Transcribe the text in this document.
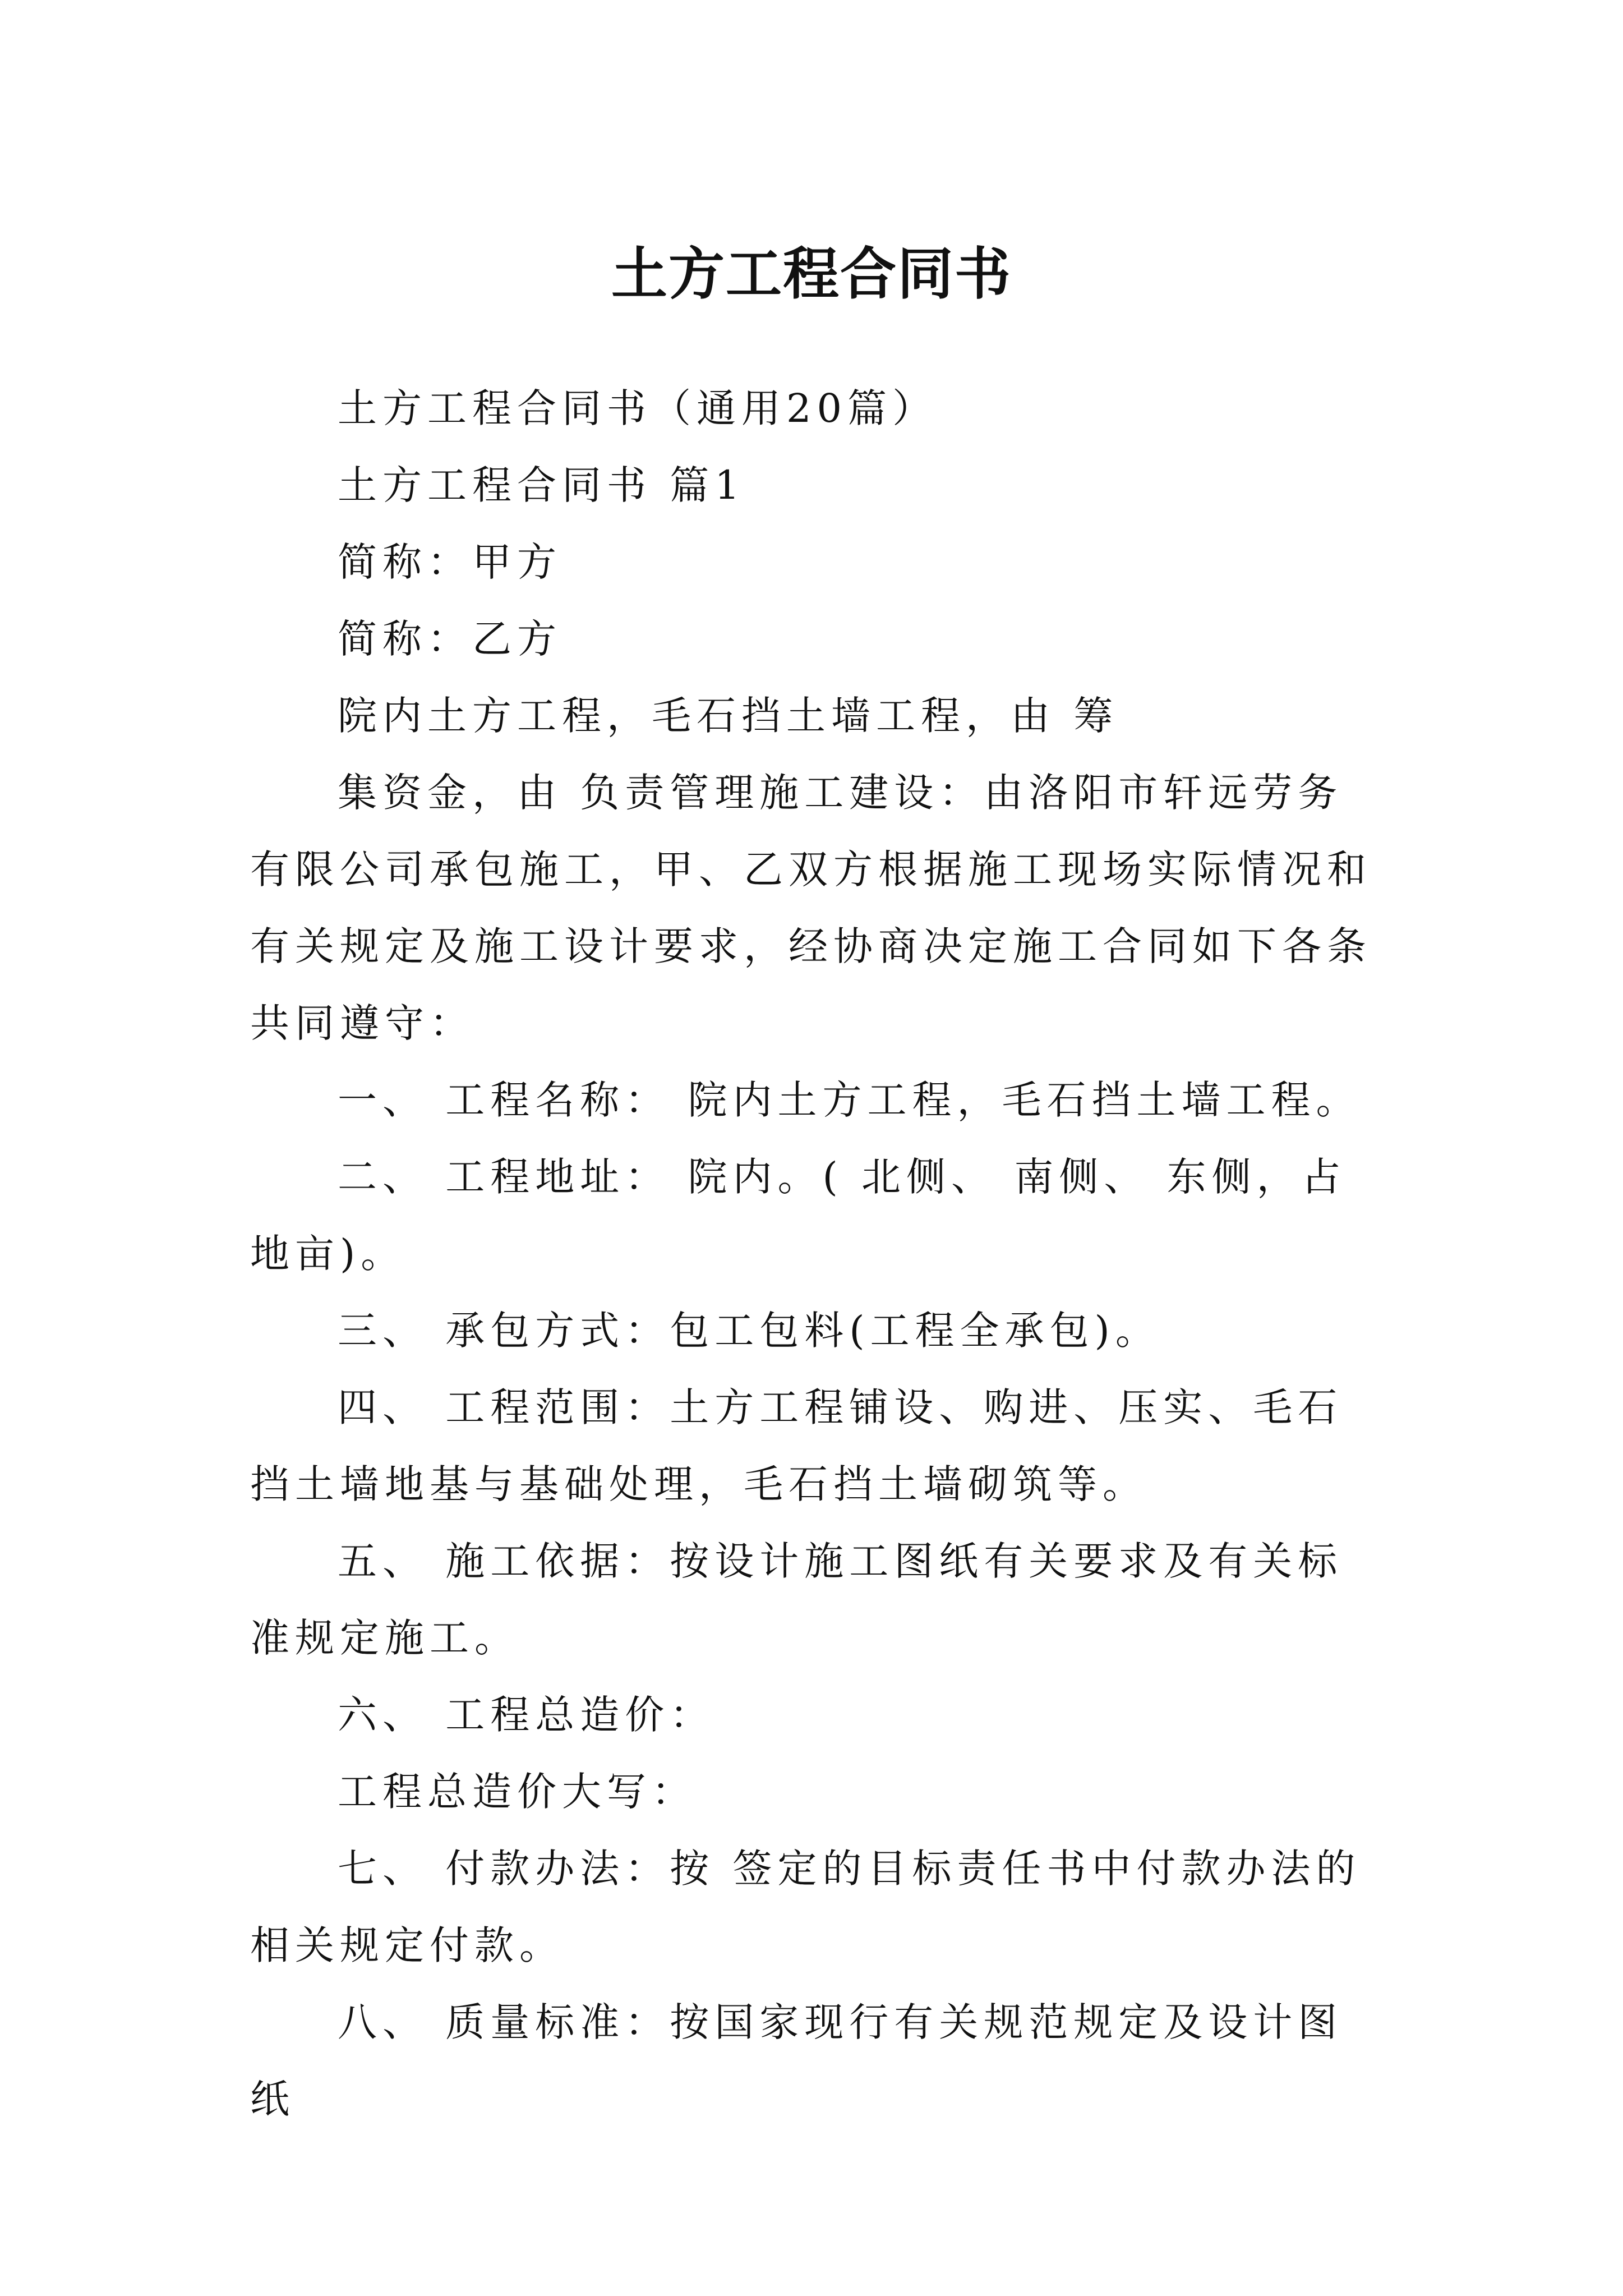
土方工程合同书

土方工程合同书（通用20篇）

土方工程合同书 篇1

简称：甲方

简称：乙方

院内土方工程，毛石挡土墙工程，由 筹

集资金，由 负责管理施工建设：由洛阳市轩远劳务有限公司承包施工，甲、乙双方根据施工现场实际情况和有关规定及施工设计要求，经协商决定施工合同如下各条共同遵守：

一、 工程名称： 院内土方工程，毛石挡土墙工程。

二、 工程地址： 院内。( 北侧、 南侧、 东侧，占地亩)。

三、 承包方式：包工包料(工程全承包)。

四、 工程范围：土方工程铺设、购进、压实、毛石挡土墙地基与基础处理，毛石挡土墙砌筑等。

五、 施工依据：按设计施工图纸有关要求及有关标准规定施工。

六、 工程总造价：

工程总造价大写：

七、 付款办法：按 签定的目标责任书中付款办法的相关规定付款。

八、 质量标准：按国家现行有关规范规定及设计图纸
